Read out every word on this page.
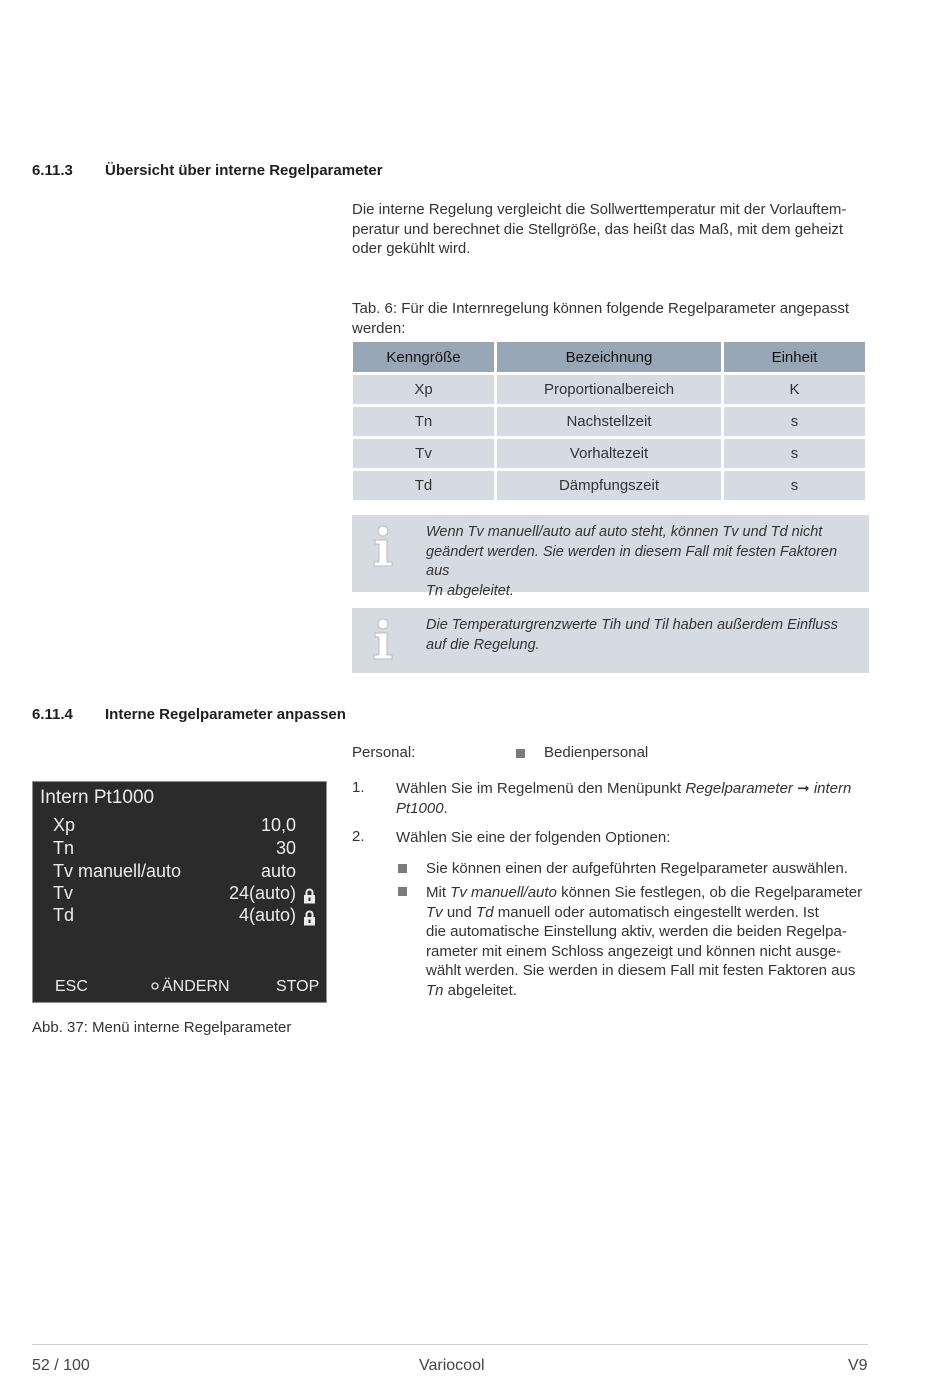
6.11.3 Übersicht über interne Regelparameter
Die interne Regelung vergleicht die Sollwerttemperatur mit der Vorlauftem-
peratur und berechnet die Stellgröße, das heißt das Maß, mit dem geheizt
oder gekühlt wird.
Tab. 6: Für die Internregelung können folgende Regelparameter angepasst
werden:
Kenngröße	Bezeichnung	Einheit
Xp	Proportionalbereich	K
Tn	Nachstellzeit	s
Tv	Vorhaltezeit	s
Td	Dämpfungszeit	s
Wenn Tv manuell/auto auf auto steht, können Tv und Td nicht
geändert werden. Sie werden in diesem Fall mit festen Faktoren aus
Tn abgeleitet.
Die Temperaturgrenzwerte Tih und Til haben außerdem Einfluss
auf die Regelung.
6.11.4 Interne Regelparameter anpassen
Personal:	Bedienpersonal
Intern Pt1000
Xp	10,0
Tn	30
Tv manuell/auto	auto
Tv	24(auto)
Td	4(auto)
ESC	ÄNDERN	STOP
Abb. 37: Menü interne Regelparameter
1. Wählen Sie im Regelmenü den Menüpunkt Regelparameter ➞ intern
Pt1000.
2. Wählen Sie eine der folgenden Optionen:
Sie können einen der aufgeführten Regelparameter auswählen.
Mit Tv manuell/auto können Sie festlegen, ob die Regelparameter
Tv und Td manuell oder automatisch eingestellt werden. Ist
die automatische Einstellung aktiv, werden die beiden Regelpa-
rameter mit einem Schloss angezeigt und können nicht ausge-
wählt werden. Sie werden in diesem Fall mit festen Faktoren aus
Tn abgeleitet.
52 / 100	Variocool	V9
